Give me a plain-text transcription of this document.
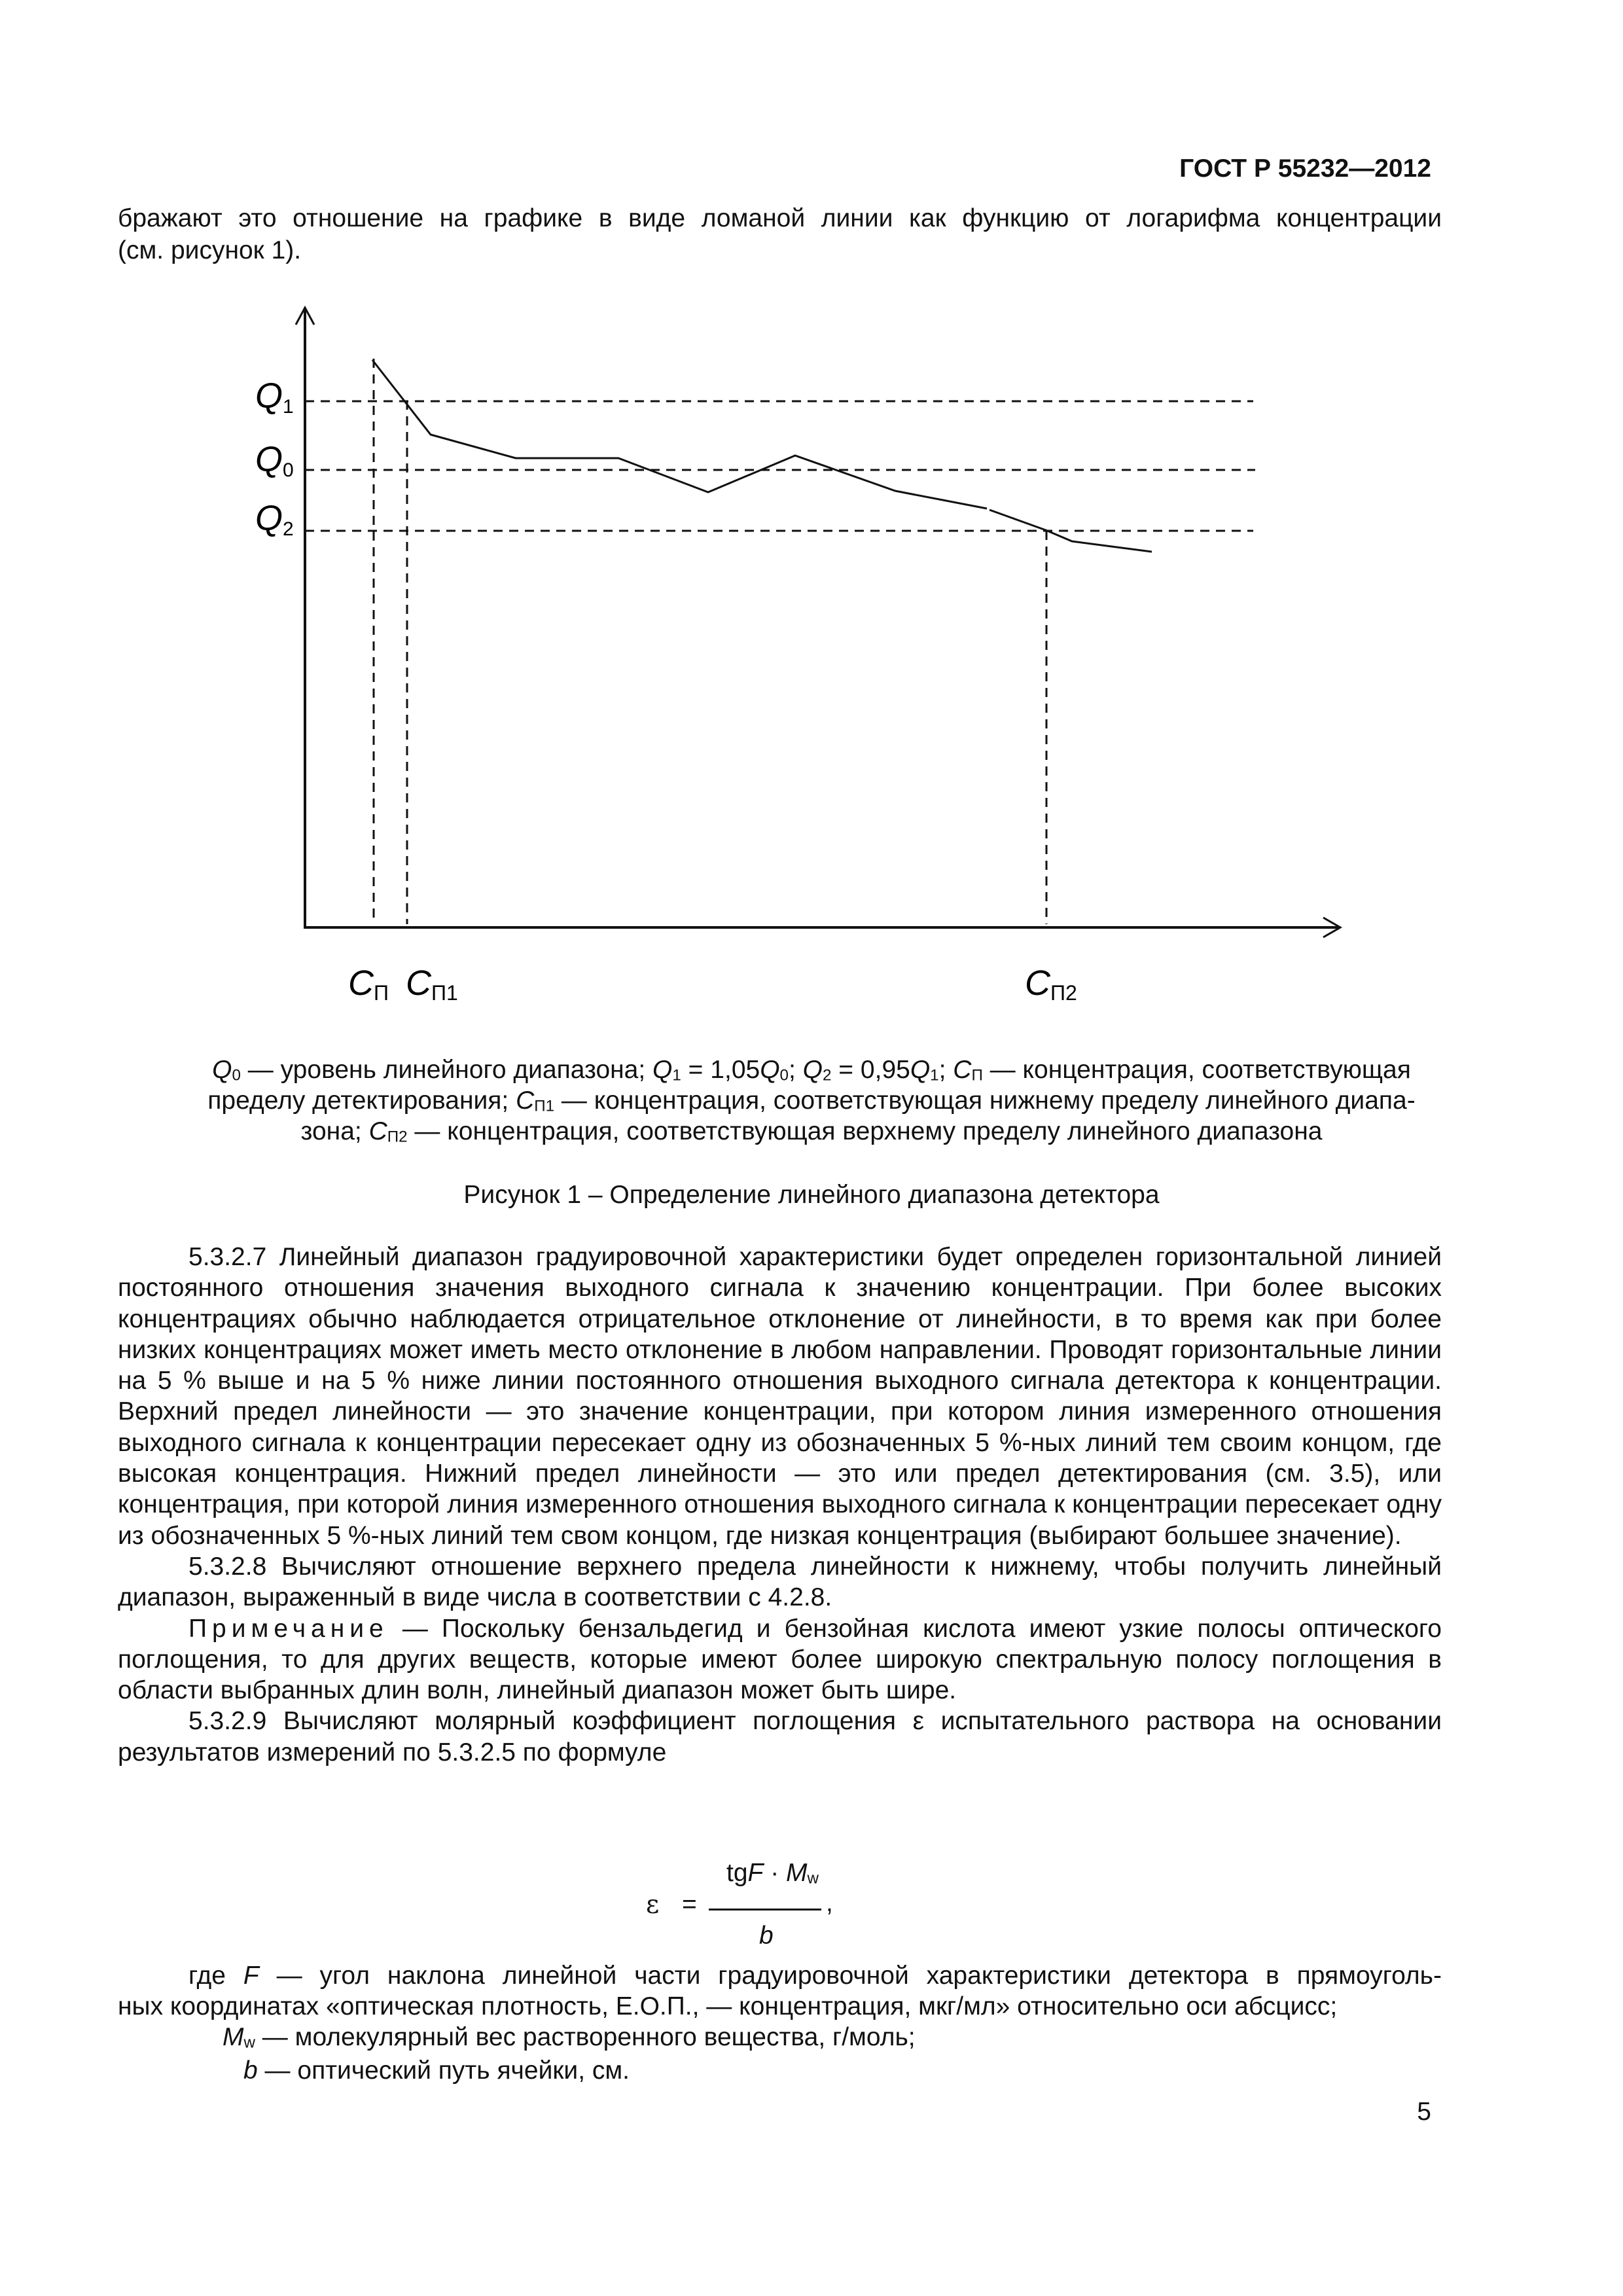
ГОСТ Р 55232—2012
бражают это отношение на графике в виде ломаной линии как функцию от логарифма концентрации
(см. рисунок 1).
Q1
Q0
Q2
CП CП1	CП2
Q0 — уровень линейного диапазона; Q1 = 1,05Q0; Q2 = 0,95Q1; CП — концентрация, соответствующая
пределу детектирования; CП1 — концентрация, соответствующая нижнему пределу линейного диапа-
зона; CП2 — концентрация, соответствующая верхнему пределу линейного диапазона
Рисунок 1 – Определение линейного диапазона детектора

5.3.2.7 Линейный диапазон градуировочной характеристики будет определен горизонтальной линией постоянного отношения значения выходного сигнала к значению концентрации. При более высоких концентрациях обычно наблюдается отрицательное отклонение от линейности, в то время как при более низких концентрациях может иметь место отклонение в любом направлении. Проводят горизонтальные линии на 5 % выше и на 5 % ниже линии постоянного отношения выходного сигнала детектора к концентрации. Верхний предел линейности — это значение концентрации, при котором линия измеренного отношения выходного сигнала к концентрации пересекает одну из обозначенных 5 %-ных линий тем своим концом, где высокая концентрация. Нижний предел линейности — это или предел детектирования (см. 3.5), или концентрация, при которой линия измеренного отношения выходного сигнала к концентрации пересекает одну из обозначенных 5 %-ных линий тем свом концом, где низкая концентрация (выбирают большее значение).

5.3.2.8 Вычисляют отношение верхнего предела линейности к нижнему, чтобы получить линейный диапазон, выраженный в виде числа в соответствии с 4.2.8.

Примечание — Поскольку бензальдегид и бензойная кислота имеют узкие полосы оптического поглощения, то для других веществ, которые имеют более широкую спектральную полосу поглощения в области выбранных длин волн, линейный диапазон может быть шире.

5.3.2.9 Вычисляют молярный коэффициент поглощения ε испытательного раствора на основании результатов измерений по 5.3.2.5 по формуле

ε =
tgF · Mw
b
,
где F — угол наклона линейной части градуировочной характеристики детектора в прямоуголь-
ных координатах «оптическая плотность, Е.О.П., — концентрация, мкг/мл» относительно оси абсцисс;
Mw — молекулярный вес растворенного вещества, г/моль;
b — оптический путь ячейки, см.
5
